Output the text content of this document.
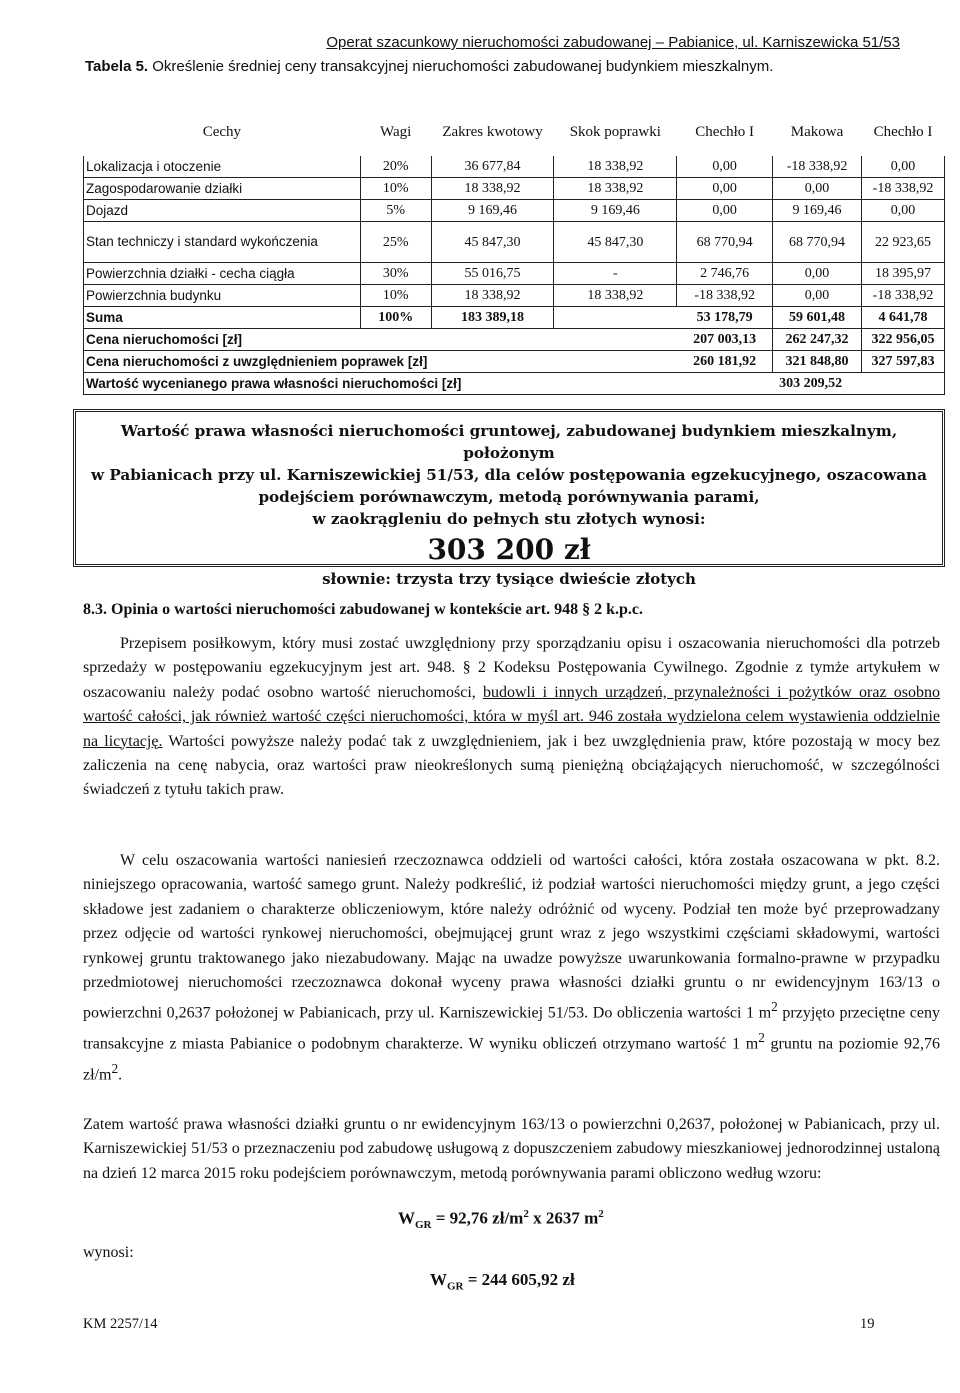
Operat szacunkowy nieruchomości zabudowanej – Pabianice, ul. Karniszewicka 51/53
Tabela 5. Określenie średniej ceny transakcyjnej nieruchomości zabudowanej budynkiem mieszkalnym.
Cechy	Wagi	Zakres kwotowy	Skok poprawki	Chechło I	Makowa	Chechło I
Lokalizacja i otoczenie	20%	36 677,84	18 338,92	0,00	-18 338,92	0,00
Zagospodarowanie działki	10%	18 338,92	18 338,92	0,00	0,00	-18 338,92
Dojazd	5%	9 169,46	9 169,46	0,00	9 169,46	0,00
Stan techniczy i standard wykończenia	25%	45 847,30	45 847,30	68 770,94	68 770,94	22 923,65
Powierzchnia działki - cecha ciągła	30%	55 016,75	-	2 746,76	0,00	18 395,97
Powierzchnia budynku	10%	18 338,92	18 338,92	-18 338,92	0,00	-18 338,92
Suma	100%	183 389,18		53 178,79	59 601,48	4 641,78
Cena nieruchomości [zł]				207 003,13	262 247,32	322 956,05
Cena nieruchomości z uwzględnieniem poprawek [zł]				260 181,92	321 848,80	327 597,83
Wartość wycenianego prawa własności nieruchomości [zł]				303 209,52		
Wartość prawa własności nieruchomości gruntowej, zabudowanej budynkiem mieszkalnym, położonym
w Pabianicach przy ul. Karniszewickiej 51/53, dla celów postępowania egzekucyjnego, oszacowana
podejściem porównawczym, metodą porównywania parami,
w zaokrągleniu do pełnych stu złotych wynosi:
303 200 zł
słownie: trzysta trzy tysiące dwieście złotych
8.3. Opinia o wartości nieruchomości zabudowanej w kontekście art. 948 § 2 k.p.c.

Przepisem posiłkowym, który musi zostać uwzględniony przy sporządzaniu opisu i oszacowania nieruchomości dla potrzeb sprzedaży w postępowaniu egzekucyjnym jest art. 948. § 2 Kodeksu Postępowania Cywilnego. Zgodnie z tymże artykułem w oszacowaniu należy podać osobno wartość nieruchomości, budowli i innych urządzeń, przynależności i pożytków oraz osobno wartość całości, jak również wartość części nieruchomości, która w myśl art. 946 została wydzielona celem wystawienia oddzielnie na licytację. Wartości powyższe należy podać tak z uwzględnieniem, jak i bez uwzględnienia praw, które pozostają w mocy bez zaliczenia na cenę nabycia, oraz wartości praw nieokreślonych sumą pieniężną obciążających nieruchomość, w szczególności świadczeń z tytułu takich praw.

W celu oszacowania wartości naniesień rzeczoznawca oddzieli od wartości całości, która została oszacowana w pkt. 8.2. niniejszego opracowania, wartość samego grunt. Należy podkreślić, iż podział wartości nieruchomości między grunt, a jego części składowe jest zadaniem o charakterze obliczeniowym, które należy odróżnić od wyceny. Podział ten może być przeprowadzany przez odjęcie od wartości rynkowej nieruchomości, obejmującej grunt wraz z jego wszystkimi częściami składowymi, wartości rynkowej gruntu traktowanego jako niezabudowany. Mając na uwadze powyższe uwarunkowania formalno-prawne w przypadku przedmiotowej nieruchomości rzeczoznawca dokonał wyceny prawa własności działki gruntu o nr ewidencyjnym 163/13 o powierzchni 0,2637 położonej w Pabianicach, przy ul. Karniszewickiej 51/53. Do obliczenia wartości 1 $m^2$ przyjęto przeciętne ceny transakcyjne z miasta Pabianice o podobnym charakterze. W wyniku obliczeń otrzymano wartość 1 $m^2$ gruntu na poziomie 92,76 $zł/m^2$.

Zatem wartość prawa własności działki gruntu o nr ewidencyjnym 163/13 o powierzchni 0,2637, położonej w Pabianicach, przy ul. Karniszewickiej 51/53 o przeznaczeniu pod zabudowę usługową z dopuszczeniem zabudowy mieszkaniowej jednorodzinnej ustaloną na dzień 12 marca 2015 roku podejściem porównawczym, metodą porównywania parami obliczono według wzoru:

$W_{GR} = 92,76$ $zł/m^2$ x 2637 $m^2$
wynosi:
$W_{GR} = 244$ 605,92 zł
KM 2257/14	19
